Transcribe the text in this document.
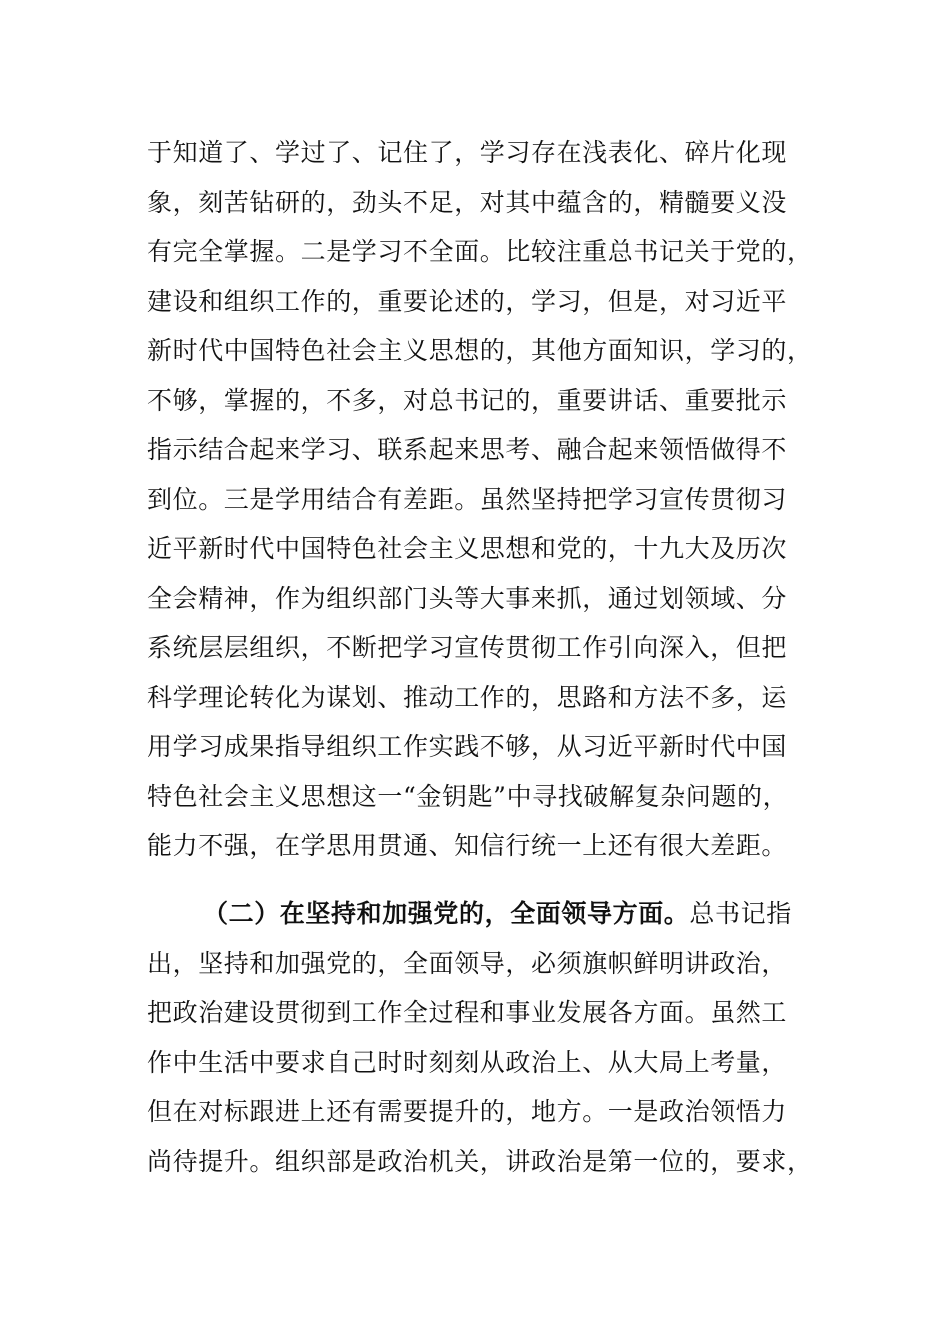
于知道了、学过了、记住了，学习存在浅表化、碎片化现
象，刻苦钻研的，劲头不足，对其中蕴含的，精髓要义没
有完全掌握。二是学习不全面。比较注重总书记关于党的，
建设和组织工作的，重要论述的，学习，但是，对习近平
新时代中国特色社会主义思想的，其他方面知识，学习的，
不够，掌握的，不多，对总书记的，重要讲话、重要批示
指示结合起来学习、联系起来思考、融合起来领悟做得不
到位。三是学用结合有差距。虽然坚持把学习宣传贯彻习
近平新时代中国特色社会主义思想和党的，十九大及历次
全会精神，作为组织部门头等大事来抓，通过划领域、分
系统层层组织，不断把学习宣传贯彻工作引向深入，但把
科学理论转化为谋划、推动工作的，思路和方法不多，运
用学习成果指导组织工作实践不够，从习近平新时代中国
特色社会主义思想这一“金钥匙”中寻找破解复杂问题的，
能力不强，在学思用贯通、知信行统一上还有很大差距。
（二）在坚持和加强党的，全面领导方面。总书记指
出，坚持和加强党的，全面领导，必须旗帜鲜明讲政治，
把政治建设贯彻到工作全过程和事业发展各方面。虽然工
作中生活中要求自己时时刻刻从政治上、从大局上考量，
但在对标跟进上还有需要提升的，地方。一是政治领悟力
尚待提升。组织部是政治机关，讲政治是第一位的，要求，
